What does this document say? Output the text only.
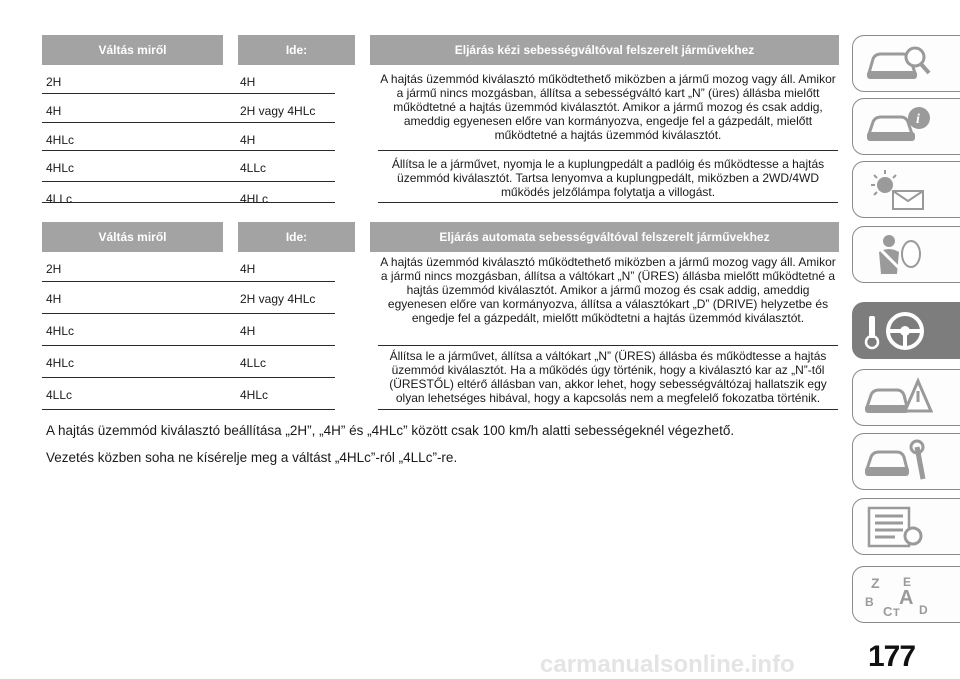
Váltás miről	Ide:	Eljárás kézi sebességváltóval felszerelt járművekhez
2H	4H
4H	2H vagy 4HLc
4HLc	4H
4HLc	4LLc
4LLc	4HLc
A hajtás üzemmód kiválasztó működtethető miközben a jármű mozog vagy áll. Amikor a jármű nincs mozgásban, állítsa a sebességváltó kart „N” (üres) állásba mielőtt működtetné a hajtás üzemmód kiválasztót. Amikor a jármű mozog és csak addig, ameddig egyenesen előre van kormányozva, engedje fel a gázpedált, mielőtt működtetné a hajtás üzemmód kiválasztót.
Állítsa le a járművet, nyomja le a kuplungpedált a padlóig és működtesse a hajtás üzemmód kiválasztót. Tartsa lenyomva a kuplungpedált, miközben a 2WD/4WD működés jelzőlámpa folytatja a villogást.
Váltás miről	Ide:	Eljárás automata sebességváltóval felszerelt járművekhez
2H	4H
4H	2H vagy 4HLc
4HLc	4H
4HLc	4LLc
4LLc	4HLc
A hajtás üzemmód kiválasztó működtethető miközben a jármű mozog vagy áll. Amikor a jármű nincs mozgásban, állítsa a váltókart „N” (ÜRES) állásba mielőtt működtetné a hajtás üzemmód kiválasztót. Amikor a jármű mozog és csak addig, ameddig egyenesen előre van kormányozva, állítsa a választókart „D” (DRIVE) helyzetbe és engedje fel a gázpedált, mielőtt működtetni a hajtás üzemmód kiválasztót.
Állítsa le a járművet, állítsa a váltókart „N” (ÜRES) állásba és működtesse a hajtás üzemmód kiválasztót. Ha a működés úgy történik, hogy a kiválasztó kar az „N”-től (ÜRESTŐL) eltérő állásban van, akkor lehet, hogy sebességváltózaj hallatszik egy olyan lehetséges hibával, hogy a kapcsolás nem a megfelelő fokozatba történik.
A hajtás üzemmód kiválasztó beállítása „2H”, „4H” és „4HLc” között csak 100 km/h alatti sebességeknél végezhető.
Vezetés közben soha ne kísérelje meg a váltást „4HLc”-ról „4LLc”-re.
i
Z E
B
C
A
D
T
177
carmanualsonline.info
